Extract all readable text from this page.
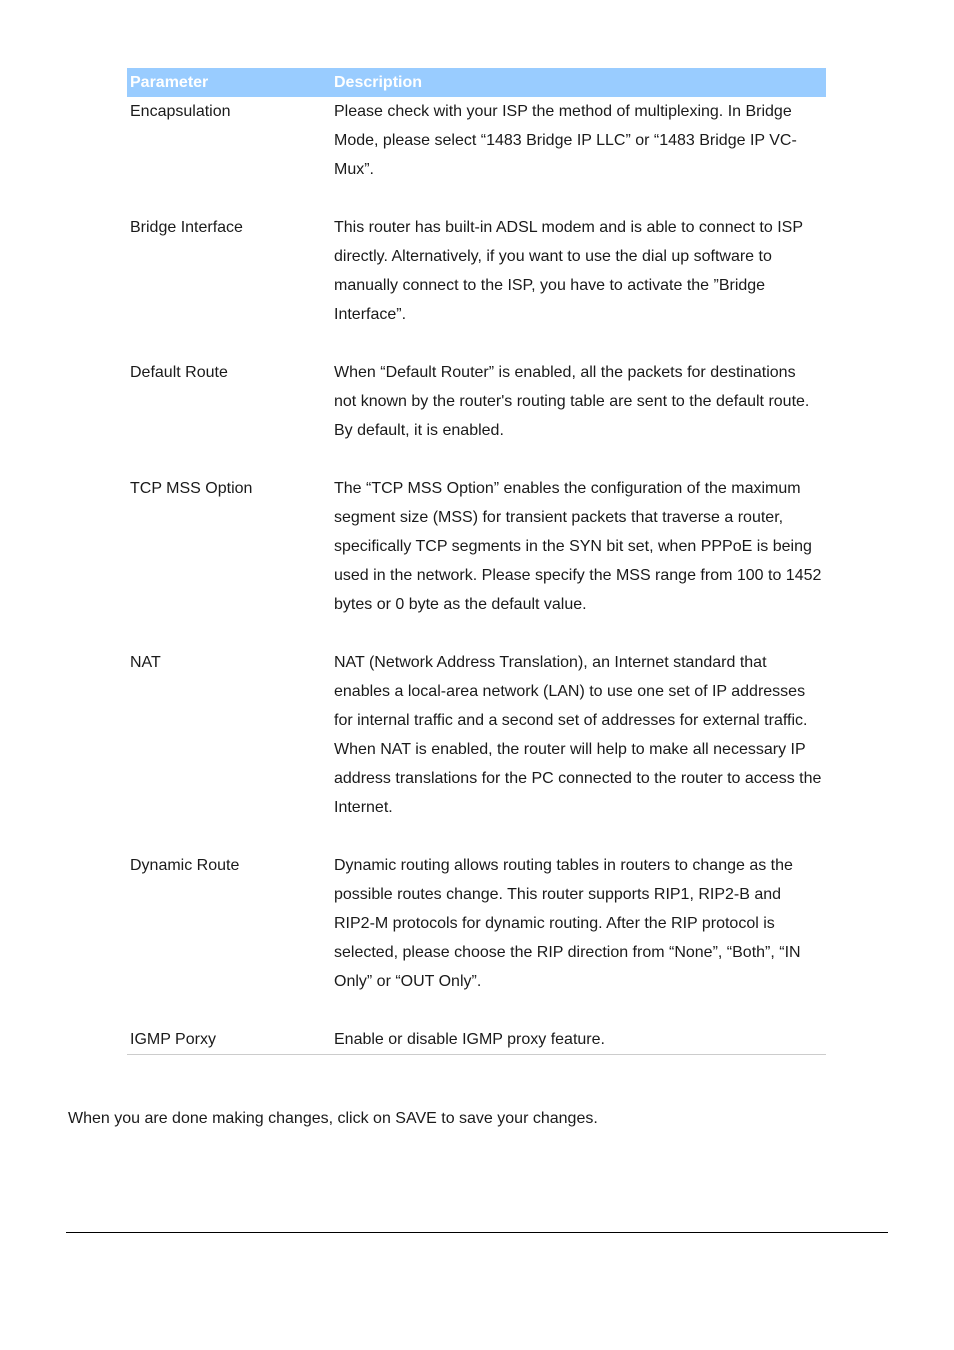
Parameter	Description
Encapsulation	Please check with your ISP the method of multiplexing. In Bridge Mode, please select “1483 Bridge IP LLC” or “1483 Bridge IP VC-Mux”.
Bridge Interface	This router has built-in ADSL modem and is able to connect to ISP directly. Alternatively, if you want to use the dial up software to manually connect to the ISP, you have to activate the ”Bridge Interface”.
Default Route	When “Default Router” is enabled, all the packets for destinations not known by the router's routing table are sent to the default route. By default, it is enabled.
TCP MSS Option	The “TCP MSS Option” enables the configuration of the maximum segment size (MSS) for transient packets that traverse a router, specifically TCP segments in the SYN bit set, when PPPoE is being used in the network. Please specify the MSS range from 100 to 1452 bytes or 0 byte as the default value.
NAT	NAT (Network Address Translation), an Internet standard that enables a local-area network (LAN) to use one set of IP addresses for internal traffic and a second set of addresses for external traffic. When NAT is enabled, the router will help to make all necessary IP address translations for the PC connected to the router to access the Internet.
Dynamic Route	Dynamic routing allows routing tables in routers to change as the possible routes change. This router supports RIP1, RIP2-B and RIP2-M protocols for dynamic routing. After the RIP protocol is selected, please choose the RIP direction from “None”, “Both”, “IN Only” or “OUT Only”.
IGMP Porxy	Enable or disable IGMP proxy feature.

When you are done making changes, click on SAVE to save your changes.
